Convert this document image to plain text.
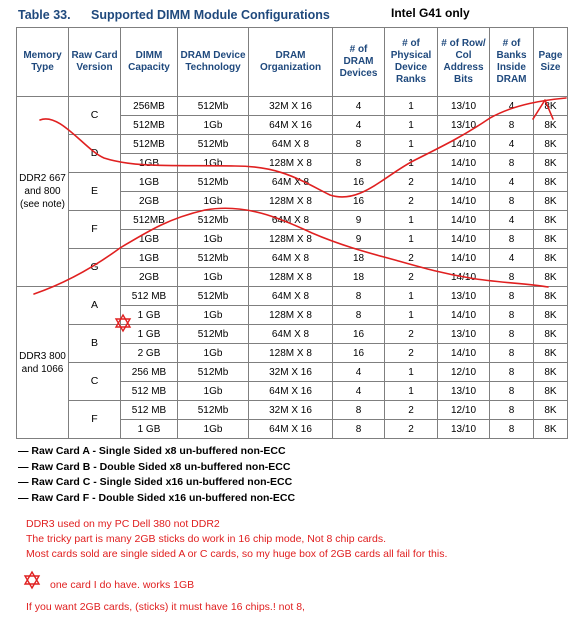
Table 33. Supported DIMM Module Configurations	Intel G41 only
Memory Type	Raw Card Version	DIMM Capacity	DRAM Device Technology	DRAM Organization	# of DRAM Devices	# of Physical Device Ranks	# of Row/ Col Address Bits	# of Banks Inside DRAM	Page Size
DDR2 667 and 800 (see note)	C	256MB	512Mb	32M X 16	4	1	13/10	4	8K
		512MB	1Gb	64M X 16	4	1	13/10	8	8K
	D	512MB	512Mb	64M X 8	8	1	14/10	4	8K
		1GB	1Gb	128M X 8	8	1	14/10	8	8K
	E	1GB	512Mb	64M X 8	16	2	14/10	4	8K
		2GB	1Gb	128M X 8	16	2	14/10	8	8K
	F	512MB	512Mb	64M X 8	9	1	14/10	4	8K
		1GB	1Gb	128M X 8	9	1	14/10	8	8K
	G	1GB	512Mb	64M X 8	18	2	14/10	4	8K
		2GB	1Gb	128M X 8	18	2	14/10	8	8K
DDR3 800 and 1066	A	512 MB	512Mb	64M X 8	8	1	13/10	8	8K
		1 GB	1Gb	128M X 8	8	1	14/10	8	8K
	B	1 GB	512Mb	64M X 8	16	2	13/10	8	8K
		2 GB	1Gb	128M X 8	16	2	14/10	8	8K
	C	256 MB	512Mb	32M X 16	4	1	12/10	8	8K
		512 MB	1Gb	64M X 16	4	1	13/10	8	8K
	F	512 MB	512Mb	32M X 16	8	2	12/10	8	8K
		1 GB	1Gb	64M X 16	8	2	13/10	8	8K
— Raw Card A - Single Sided x8 un-buffered non-ECC
— Raw Card B - Double Sided x8 un-buffered non-ECC
— Raw Card C - Single Sided x16 un-buffered non-ECC
— Raw Card F - Double Sided x16 un-buffered non-ECC
DDR3 used on my PC Dell 380 not DDR2
The tricky part is many 2GB sticks do work in 16 chip mode, Not 8 chip cards.
Most cards sold are single sided A or C cards, so my huge box of 2GB cards all fail for this.
one card I do have. works 1GB
If you want 2GB cards, (sticks) it must have 16 chips.! not 8,
